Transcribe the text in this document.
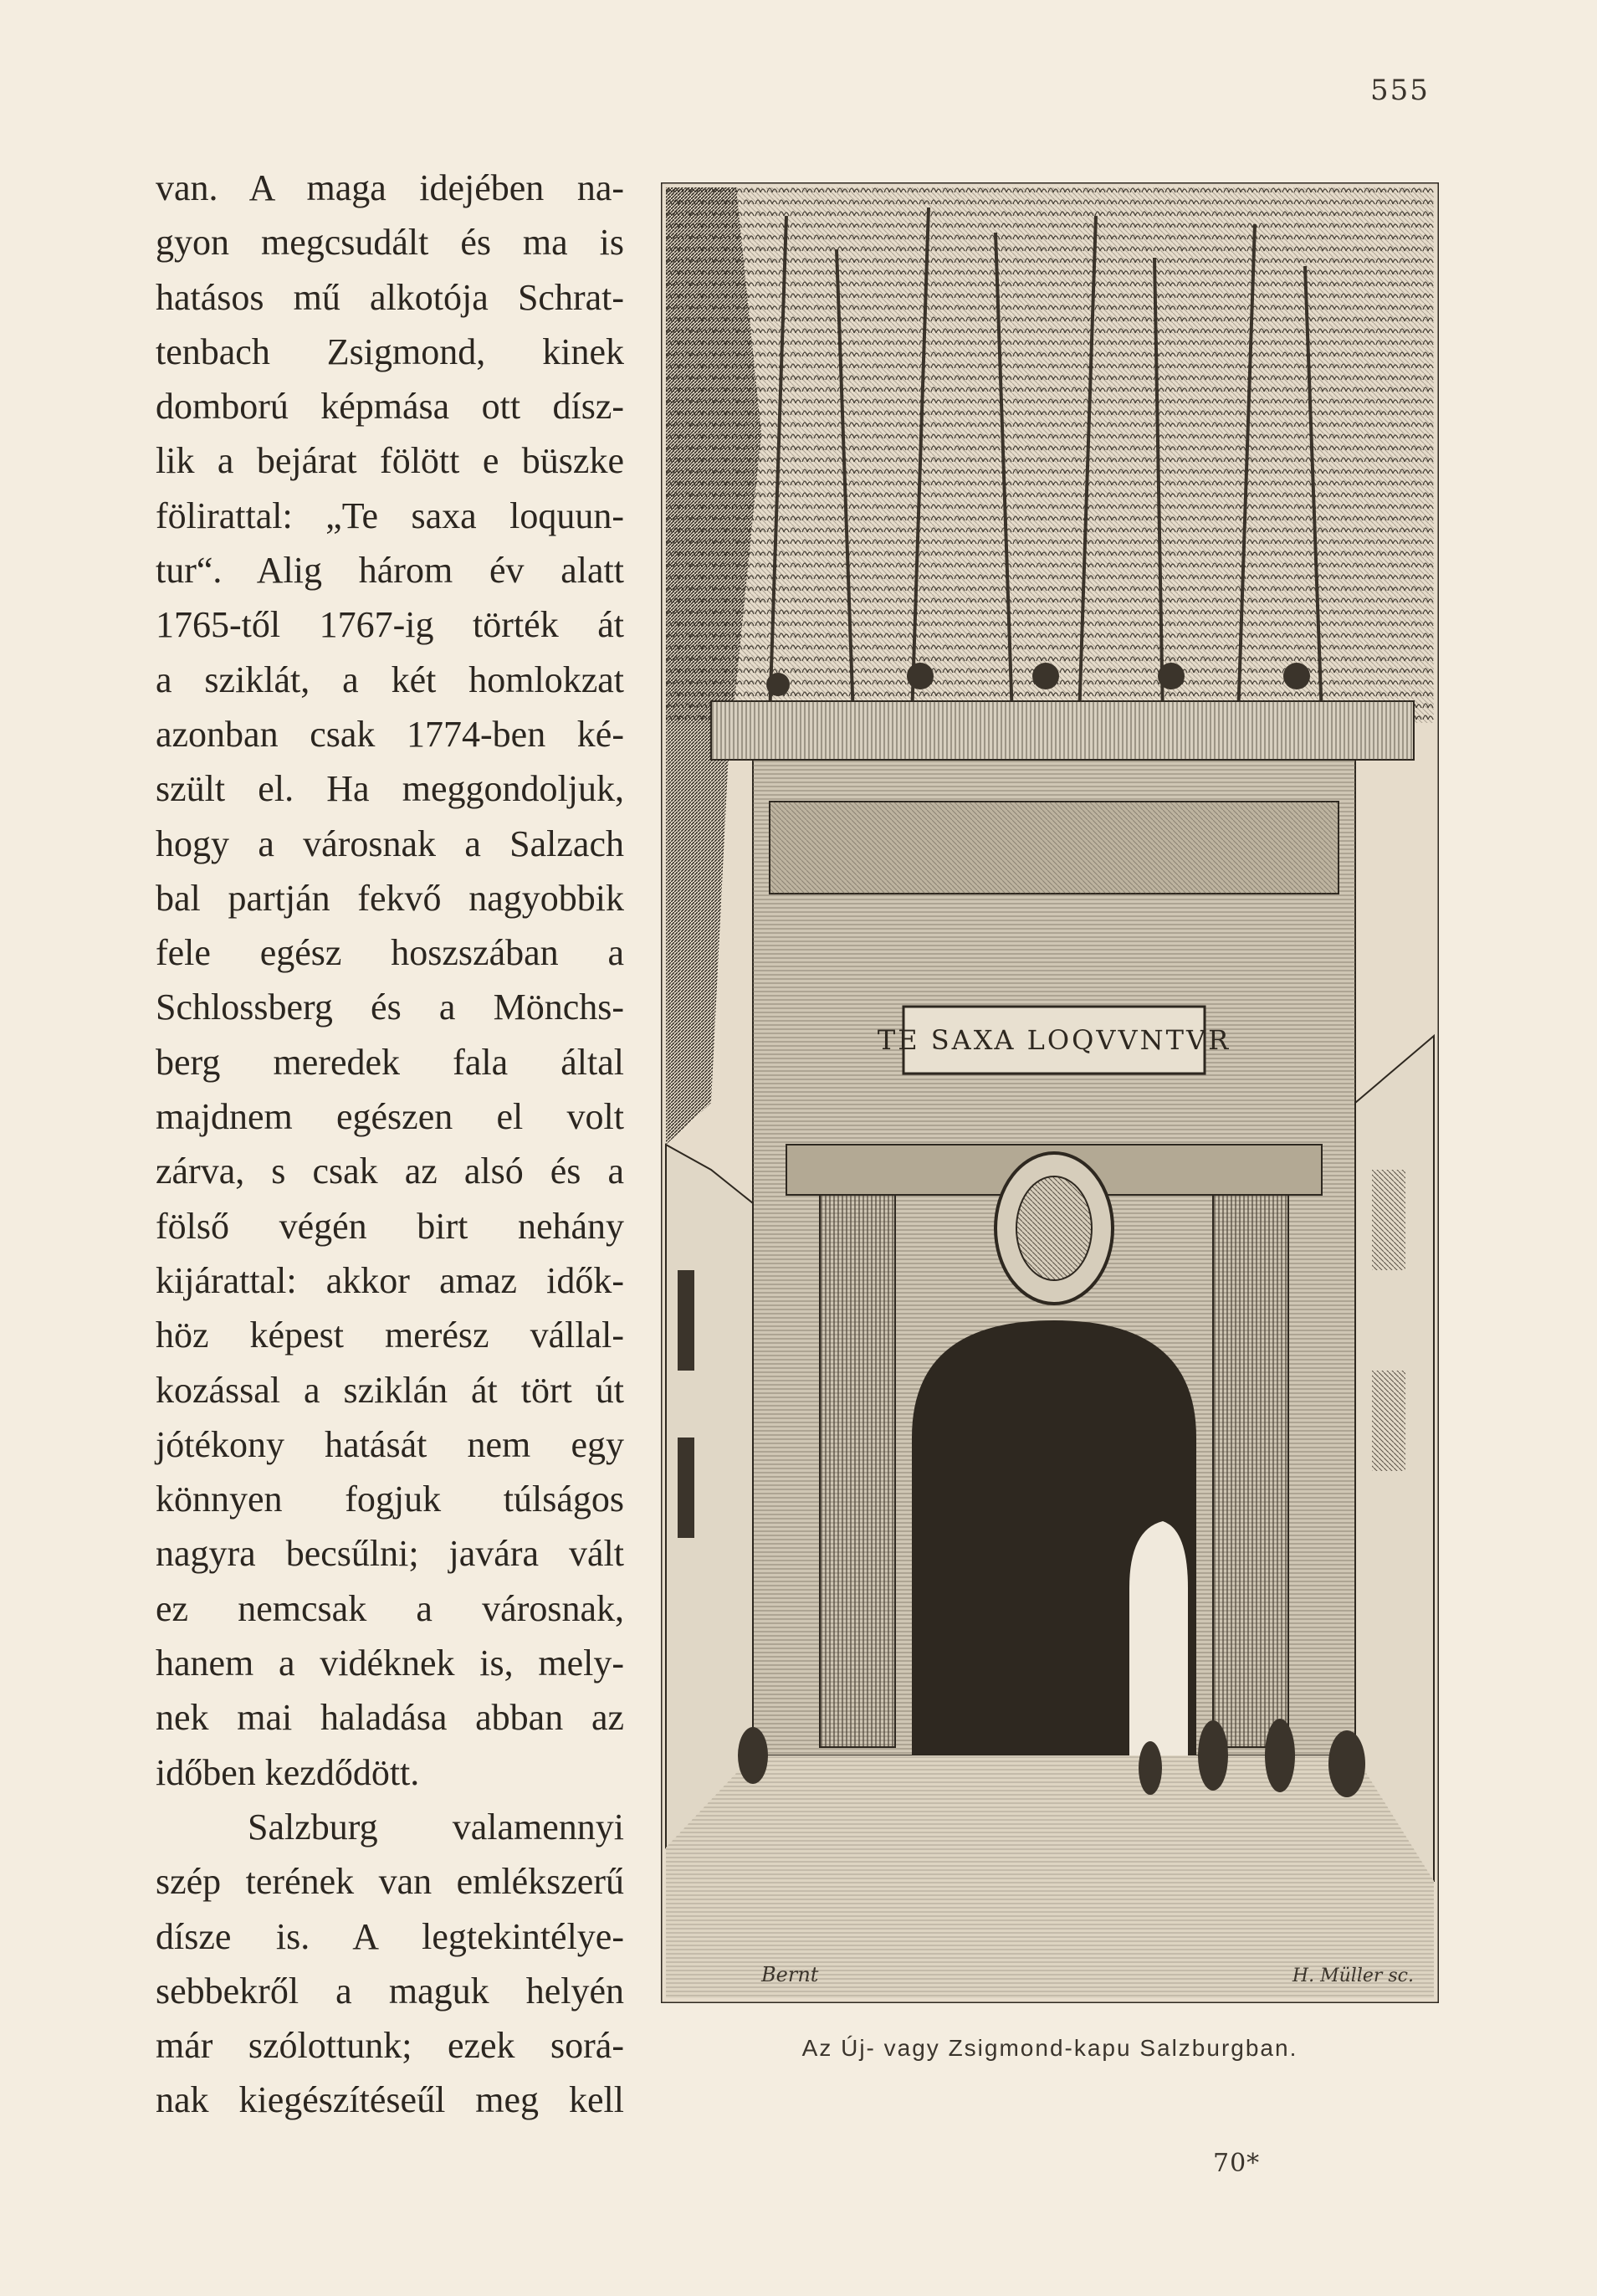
555
van. A maga idejében na-
gyon megcsudált és ma is
hatásos mű alkotója Schrat-
tenbach Zsigmond, kinek
domború képmása ott dísz-
lik a bejárat fölött e büszke
fölirattal: „Te saxa loquun-
tur“. Alig három év alatt
1765-től 1767-ig törték át
a sziklát, a két homlokzat
azonban csak 1774-ben ké-
szült el. Ha meggondoljuk,
hogy a városnak a Salzach
bal partján fekvő nagyobbik
fele egész hoszszában a
Schlossberg és a Mönchs-
berg meredek fala által
majdnem egészen el volt
zárva, s csak az alsó és a
fölső végén birt nehány
kijárattal: akkor amaz idők-
höz képest merész vállal-
kozással a sziklán át tört út
jótékony hatását nem egy
könnyen fogjuk túlságos
nagyra becsűlni; javára vált
ez nemcsak a városnak,
hanem a vidéknek is, mely-
nek mai haladása abban az
időben kezdődött.
Salzburg valamennyi
szép terének van emlékszerű
dísze is. A legtekintélye-
sebbekről a maguk helyén
már szólottunk; ezek sorá-
nak kiegészítéseűl meg kell
TE SAXA LOQVVNTVR
Bernt	H. Müller sc.
Az Új- vagy Zsigmond-kapu Salzburgban.
70*
